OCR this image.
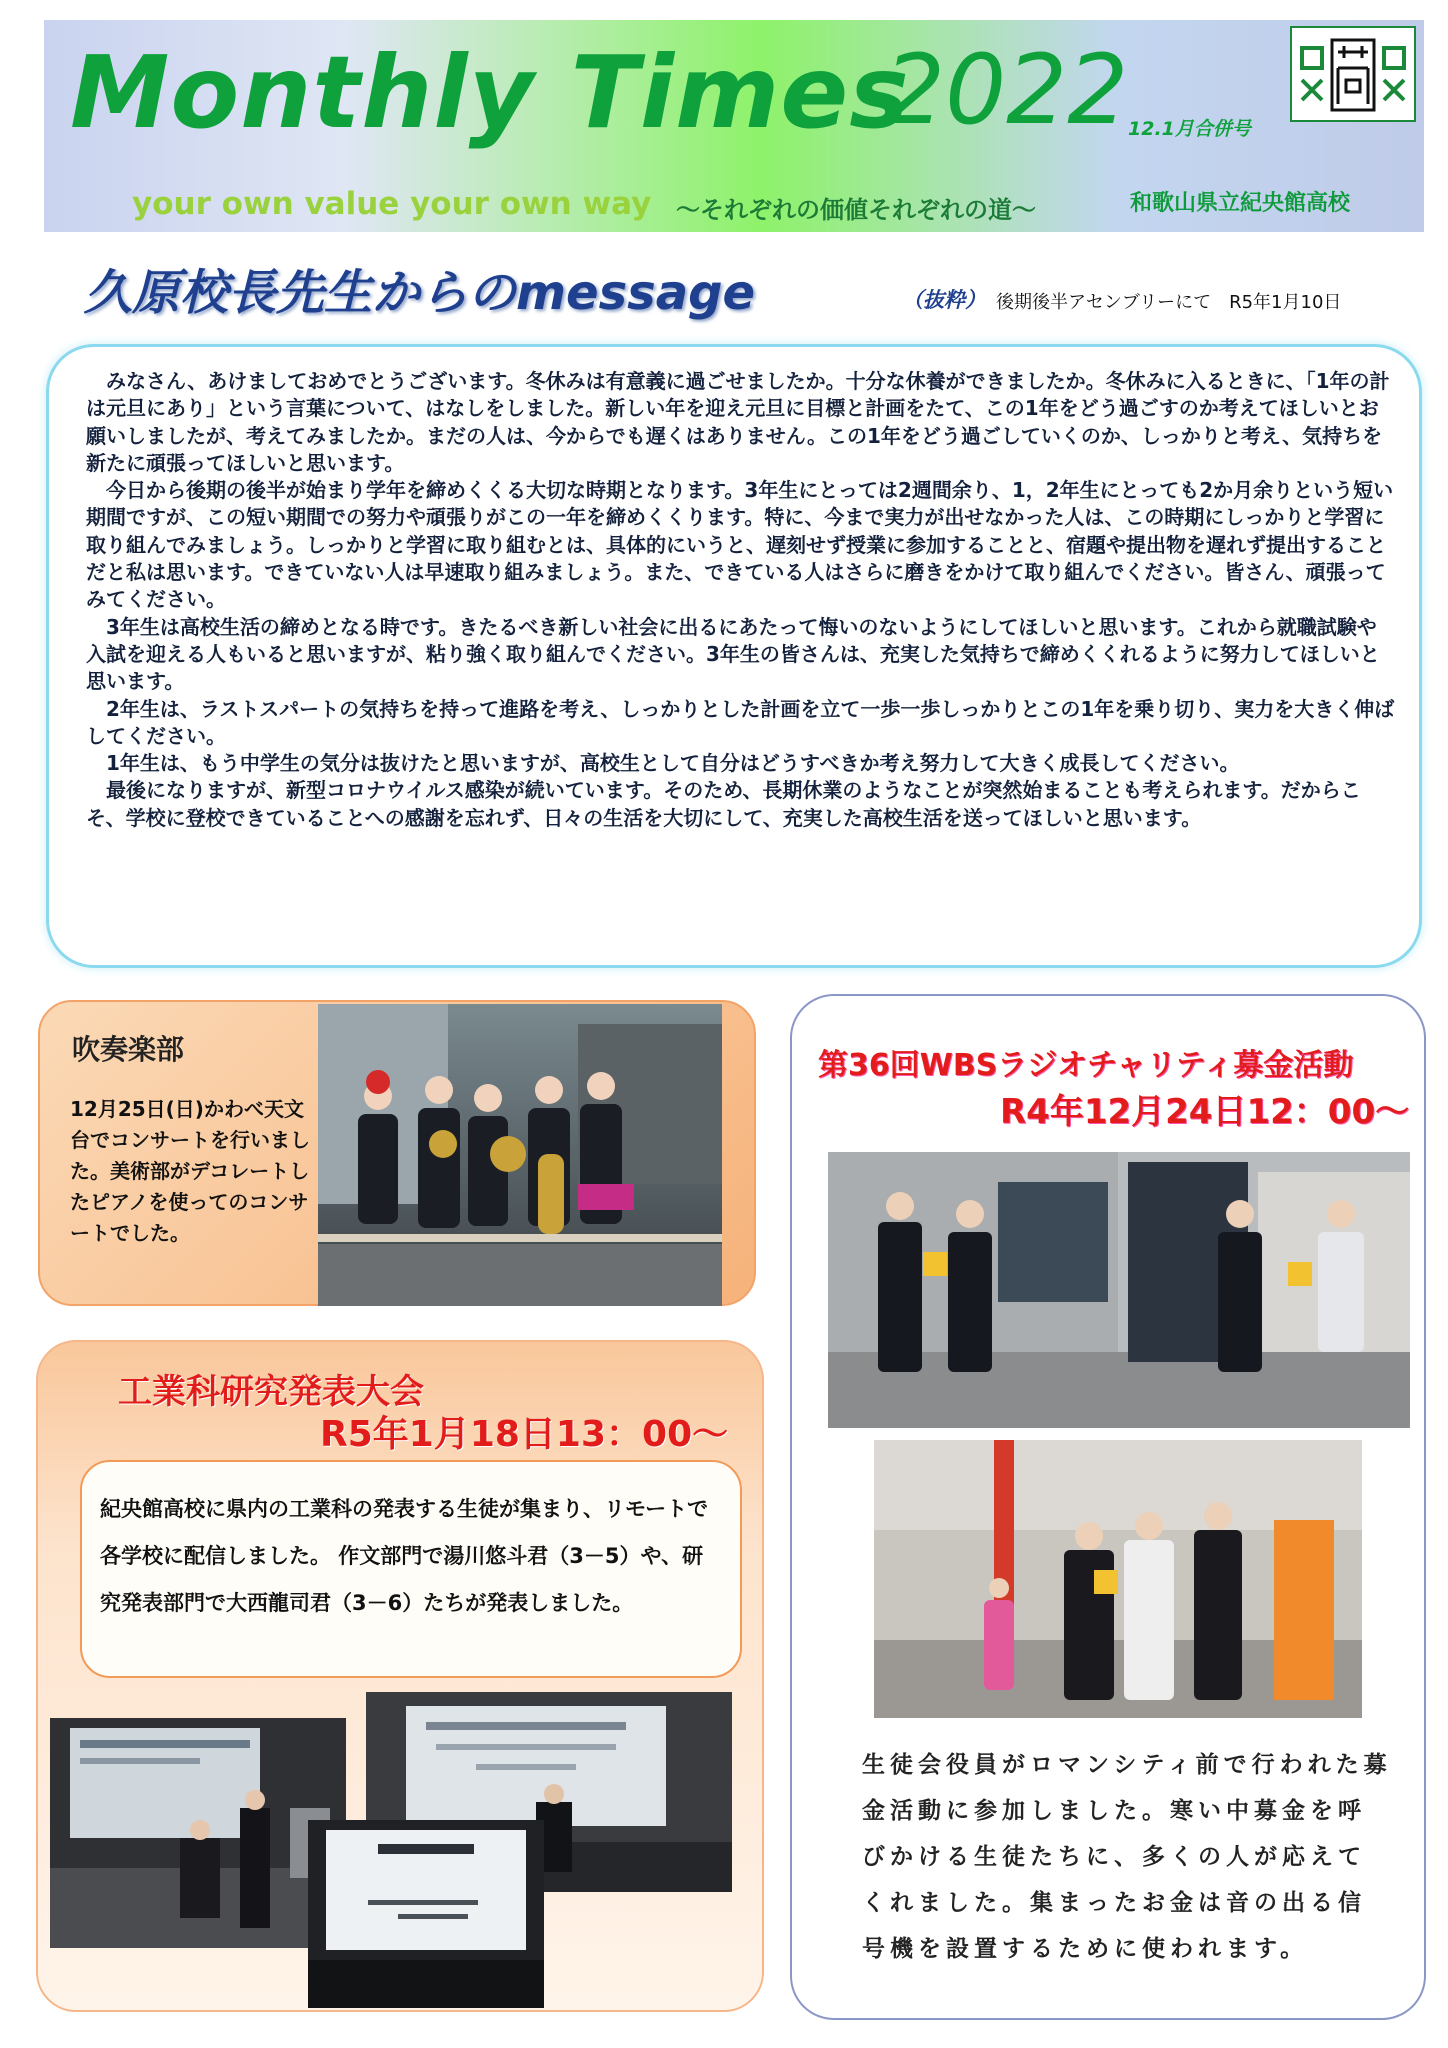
Monthly Times
2022 12.1月合併号
your own value your own way ～それぞれの価値それぞれの道～	和歌山県立紀央館高校
久原校長先生からのmessage	（抜粋） 後期後半アセンブリーにて　R5年1月10日

みなさん、あけましておめでとうございます。冬休みは有意義に過ごせましたか。十分な休養ができましたか。冬休みに入るときに、「1年の計は元旦にあり」という言葉について、はなしをしました。新しい年を迎え元旦に目標と計画をたて、この1年をどう過ごすのか考えてほしいとお願いしましたが、考えてみましたか。まだの人は、今からでも遅くはありません。この1年をどう過ごしていくのか、しっかりと考え、気持ちを新たに頑張ってほしいと思います。

今日から後期の後半が始まり学年を締めくくる大切な時期となります。3年生にとっては2週間余り、1，2年生にとっても2か月余りという短い期間ですが、この短い期間での努力や頑張りがこの一年を締めくくります。特に、今まで実力が出せなかった人は、この時期にしっかりと学習に取り組んでみましょう。しっかりと学習に取り組むとは、具体的にいうと、遅刻せず授業に参加することと、宿題や提出物を遅れず提出することだと私は思います。できていない人は早速取り組みましょう。また、できている人はさらに磨きをかけて取り組んでください。皆さん、頑張ってみてください。

3年生は高校生活の締めとなる時です。きたるべき新しい社会に出るにあたって悔いのないようにしてほしいと思います。これから就職試験や入試を迎える人もいると思いますが、粘り強く取り組んでください。3年生の皆さんは、充実した気持ちで締めくくれるように努力してほしいと思います。

2年生は、ラストスパートの気持ちを持って進路を考え、しっかりとした計画を立て一歩一歩しっかりとこの1年を乗り切り、実力を大きく伸ばしてください。

1年生は、もう中学生の気分は抜けたと思いますが、高校生として自分はどうすべきか考え努力して大きく成長してください。

最後になりますが、新型コロナウイルス感染が続いています。そのため、長期休業のようなことが突然始まることも考えられます。だからこそ、学校に登校できていることへの感謝を忘れず、日々の生活を大切にして、充実した高校生活を送ってほしいと思います。

吹奏楽部
12月25日(日)かわべ天文台でコンサートを行いました。美術部がデコレートしたピアノを使ってのコンサートでした。
工業科研究発表大会
R5年1月18日13：00～
紀央館高校に県内の工業科の発表する生徒が集まり、リモートで各学校に配信しました。 作文部門で湯川悠斗君（3－5）や、研究発表部門で大西龍司君（3－6）たちが発表しました。
第36回WBSラジオチャリティ募金活動
R4年12月24日12：00～
生徒会役員がロマンシティ前で行われた募金活動に参加しました。寒い中募金を呼びかける生徒たちに、多くの人が応えてくれました。集まったお金は音の出る信号機を設置するために使われます。
